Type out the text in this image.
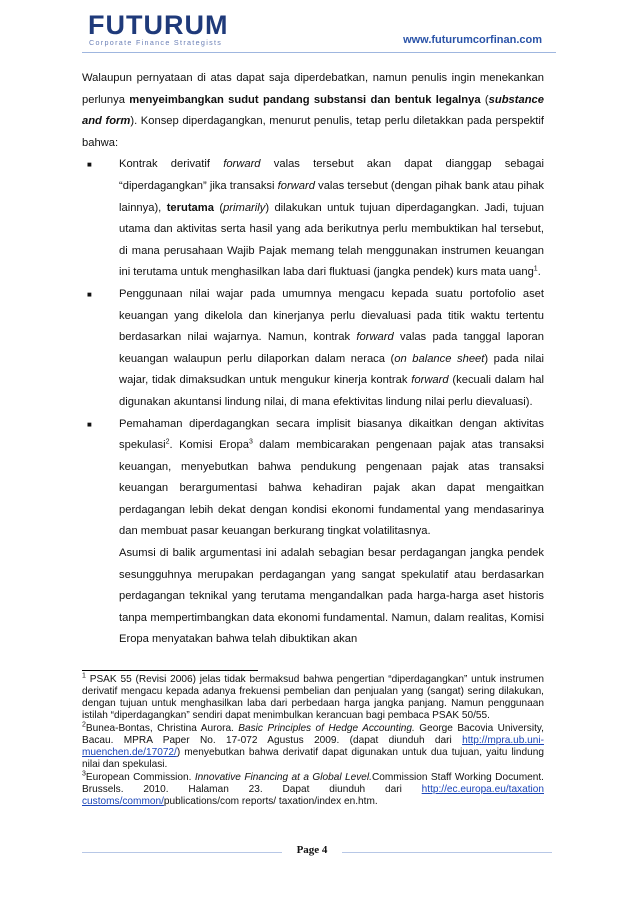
FUTURUM
Corporate Finance Strategists	www.futurumcorfinan.com

Walaupun pernyataan di atas dapat saja diperdebatkan, namun penulis ingin menekankan perlunya menyeimbangkan sudut pandang substansi dan bentuk legalnya (substance and form). Konsep diperdagangkan, menurut penulis, tetap perlu diletakkan pada perspektif bahwa:

■ Kontrak derivatif forward valas tersebut akan dapat dianggap sebagai “diperdagangkan” jika transaksi forward valas tersebut (dengan pihak bank atau pihak lainnya), terutama (primarily) dilakukan untuk tujuan diperdagangkan. Jadi, tujuan utama dan aktivitas serta hasil yang ada berikutnya perlu membuktikan hal tersebut, di mana perusahaan Wajib Pajak memang telah menggunakan instrumen keuangan ini terutama untuk menghasilkan laba dari fluktuasi (jangka pendek) kurs mata uang$^1$.

■ Penggunaan nilai wajar pada umumnya mengacu kepada suatu portofolio aset keuangan yang dikelola dan kinerjanya perlu dievaluasi pada titik waktu tertentu berdasarkan nilai wajarnya. Namun, kontrak forward valas pada tanggal laporan keuangan walaupun perlu dilaporkan dalam neraca (on balance sheet) pada nilai wajar, tidak dimaksudkan untuk mengukur kinerja kontrak forward (kecuali dalam hal digunakan akuntansi lindung nilai, di mana efektivitas lindung nilai perlu dievaluasi).

■ Pemahaman diperdagangkan secara implisit biasanya dikaitkan dengan aktivitas spekulasi$^2$. Komisi Eropa$^3$ dalam membicarakan pengenaan pajak atas transaksi keuangan, menyebutkan bahwa pendukung pengenaan pajak atas transaksi keuangan berargumentasi bahwa kehadiran pajak akan dapat mengaitkan perdagangan lebih dekat dengan kondisi ekonomi fundamental yang mendasarinya dan membuat pasar keuangan berkurang tingkat volatilitasnya.

Asumsi di balik argumentasi ini adalah sebagian besar perdagangan jangka pendek sesungguhnya merupakan perdagangan yang sangat spekulatif atau berdasarkan perdagangan teknikal yang terutama mengandalkan pada harga-harga aset historis tanpa mempertimbangkan data ekonomi fundamental. Namun, dalam realitas, Komisi Eropa menyatakan bahwa telah dibuktikan akan

$^1$ PSAK 55 (Revisi 2006) jelas tidak bermaksud bahwa pengertian “diperdagangkan” untuk instrumen derivatif mengacu kepada adanya frekuensi pembelian dan penjualan yang (sangat) sering dilakukan, dengan tujuan untuk menghasilkan laba dari perbedaan harga jangka panjang. Namun penggunaan istilah “diperdagangkan” sendiri dapat menimbulkan kerancuan bagi pembaca PSAK 50/55.

$^2$Bunea-Bontas, Christina Aurora. Basic Principles of Hedge Accounting. George Bacovia University, Bacau. MPRA Paper No. 17-072 Agustus 2009. (dapat diunduh dari http://mpra.ub.uni-muenchen.de/17072/) menyebutkan bahwa derivatif dapat digunakan untuk dua tujuan, yaitu lindung nilai dan spekulasi.

$^3$European Commission. Innovative Financing at a Global Level.Commission Staff Working Document. Brussels. 2010. Halaman 23. Dapat diunduh dari http://ec.europa.eu/taxation customs/common/publications/com reports/ taxation/index en.htm.

Page 4
